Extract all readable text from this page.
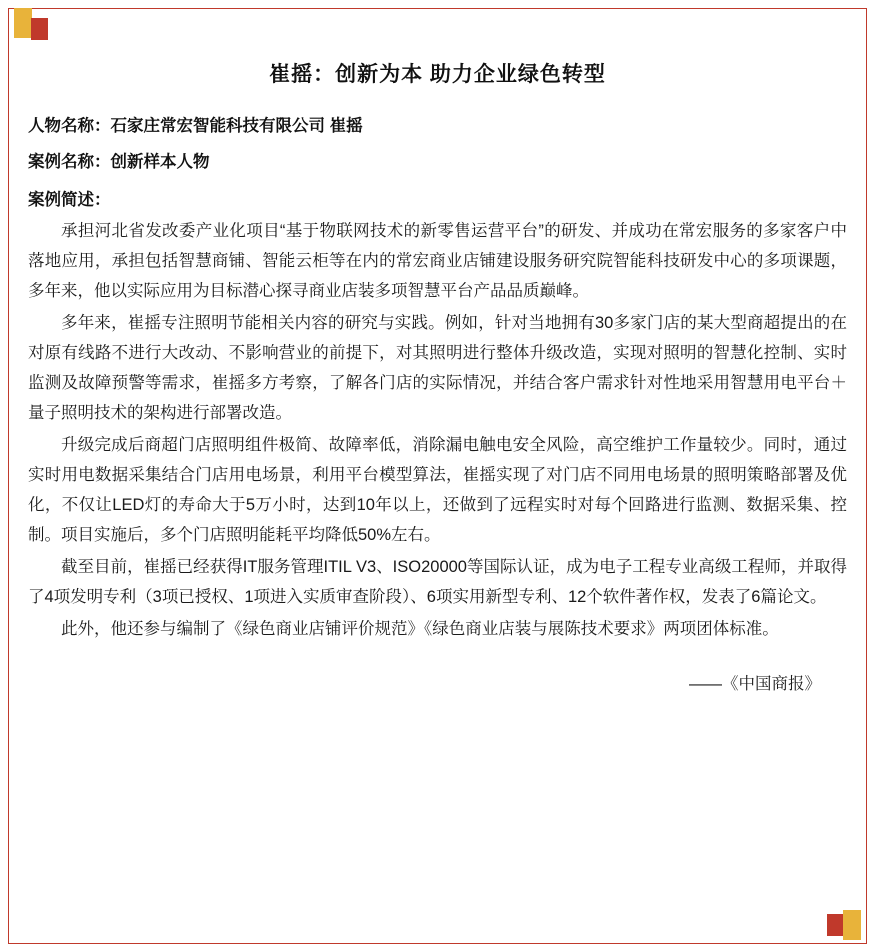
崔摇：创新为本 助力企业绿色转型

人物名称：石家庄常宏智能科技有限公司 崔摇

案例名称：创新样本人物

案例简述：

承担河北省发改委产业化项目“基于物联网技术的新零售运营平台”的研发、并成功在常宏服务的多家客户中落地应用，承担包括智慧商铺、智能云柜等在内的常宏商业店铺建设服务研究院智能科技研发中心的多项课题，多年来，他以实际应用为目标潜心探寻商业店装多项智慧平台产品品质巅峰。

多年来，崔摇专注照明节能相关内容的研究与实践。例如，针对当地拥有30多家门店的某大型商超提出的在对原有线路不进行大改动、不影响营业的前提下，对其照明进行整体升级改造，实现对照明的智慧化控制、实时监测及故障预警等需求，崔摇多方考察，了解各门店的实际情况，并结合客户需求针对性地采用智慧用电平台＋量子照明技术的架构进行部署改造。

升级完成后商超门店照明组件极简、故障率低，消除漏电触电安全风险，高空维护工作量较少。同时，通过实时用电数据采集结合门店用电场景，利用平台模型算法，崔摇实现了对门店不同用电场景的照明策略部署及优化，不仅让LED灯的寿命大于5万小时，达到10年以上，还做到了远程实时对每个回路进行监测、数据采集、控制。项目实施后，多个门店照明能耗平均降低50%左右。

截至目前，崔摇已经获得IT服务管理ITIL V3、ISO20000等国际认证，成为电子工程专业高级工程师，并取得了4项发明专利（3项已授权、1项进入实质审查阶段）、6项实用新型专利、12个软件著作权，发表了6篇论文。

此外，他还参与编制了《绿色商业店铺评价规范》《绿色商业店装与展陈技术要求》两项团体标准。

——《中国商报》
